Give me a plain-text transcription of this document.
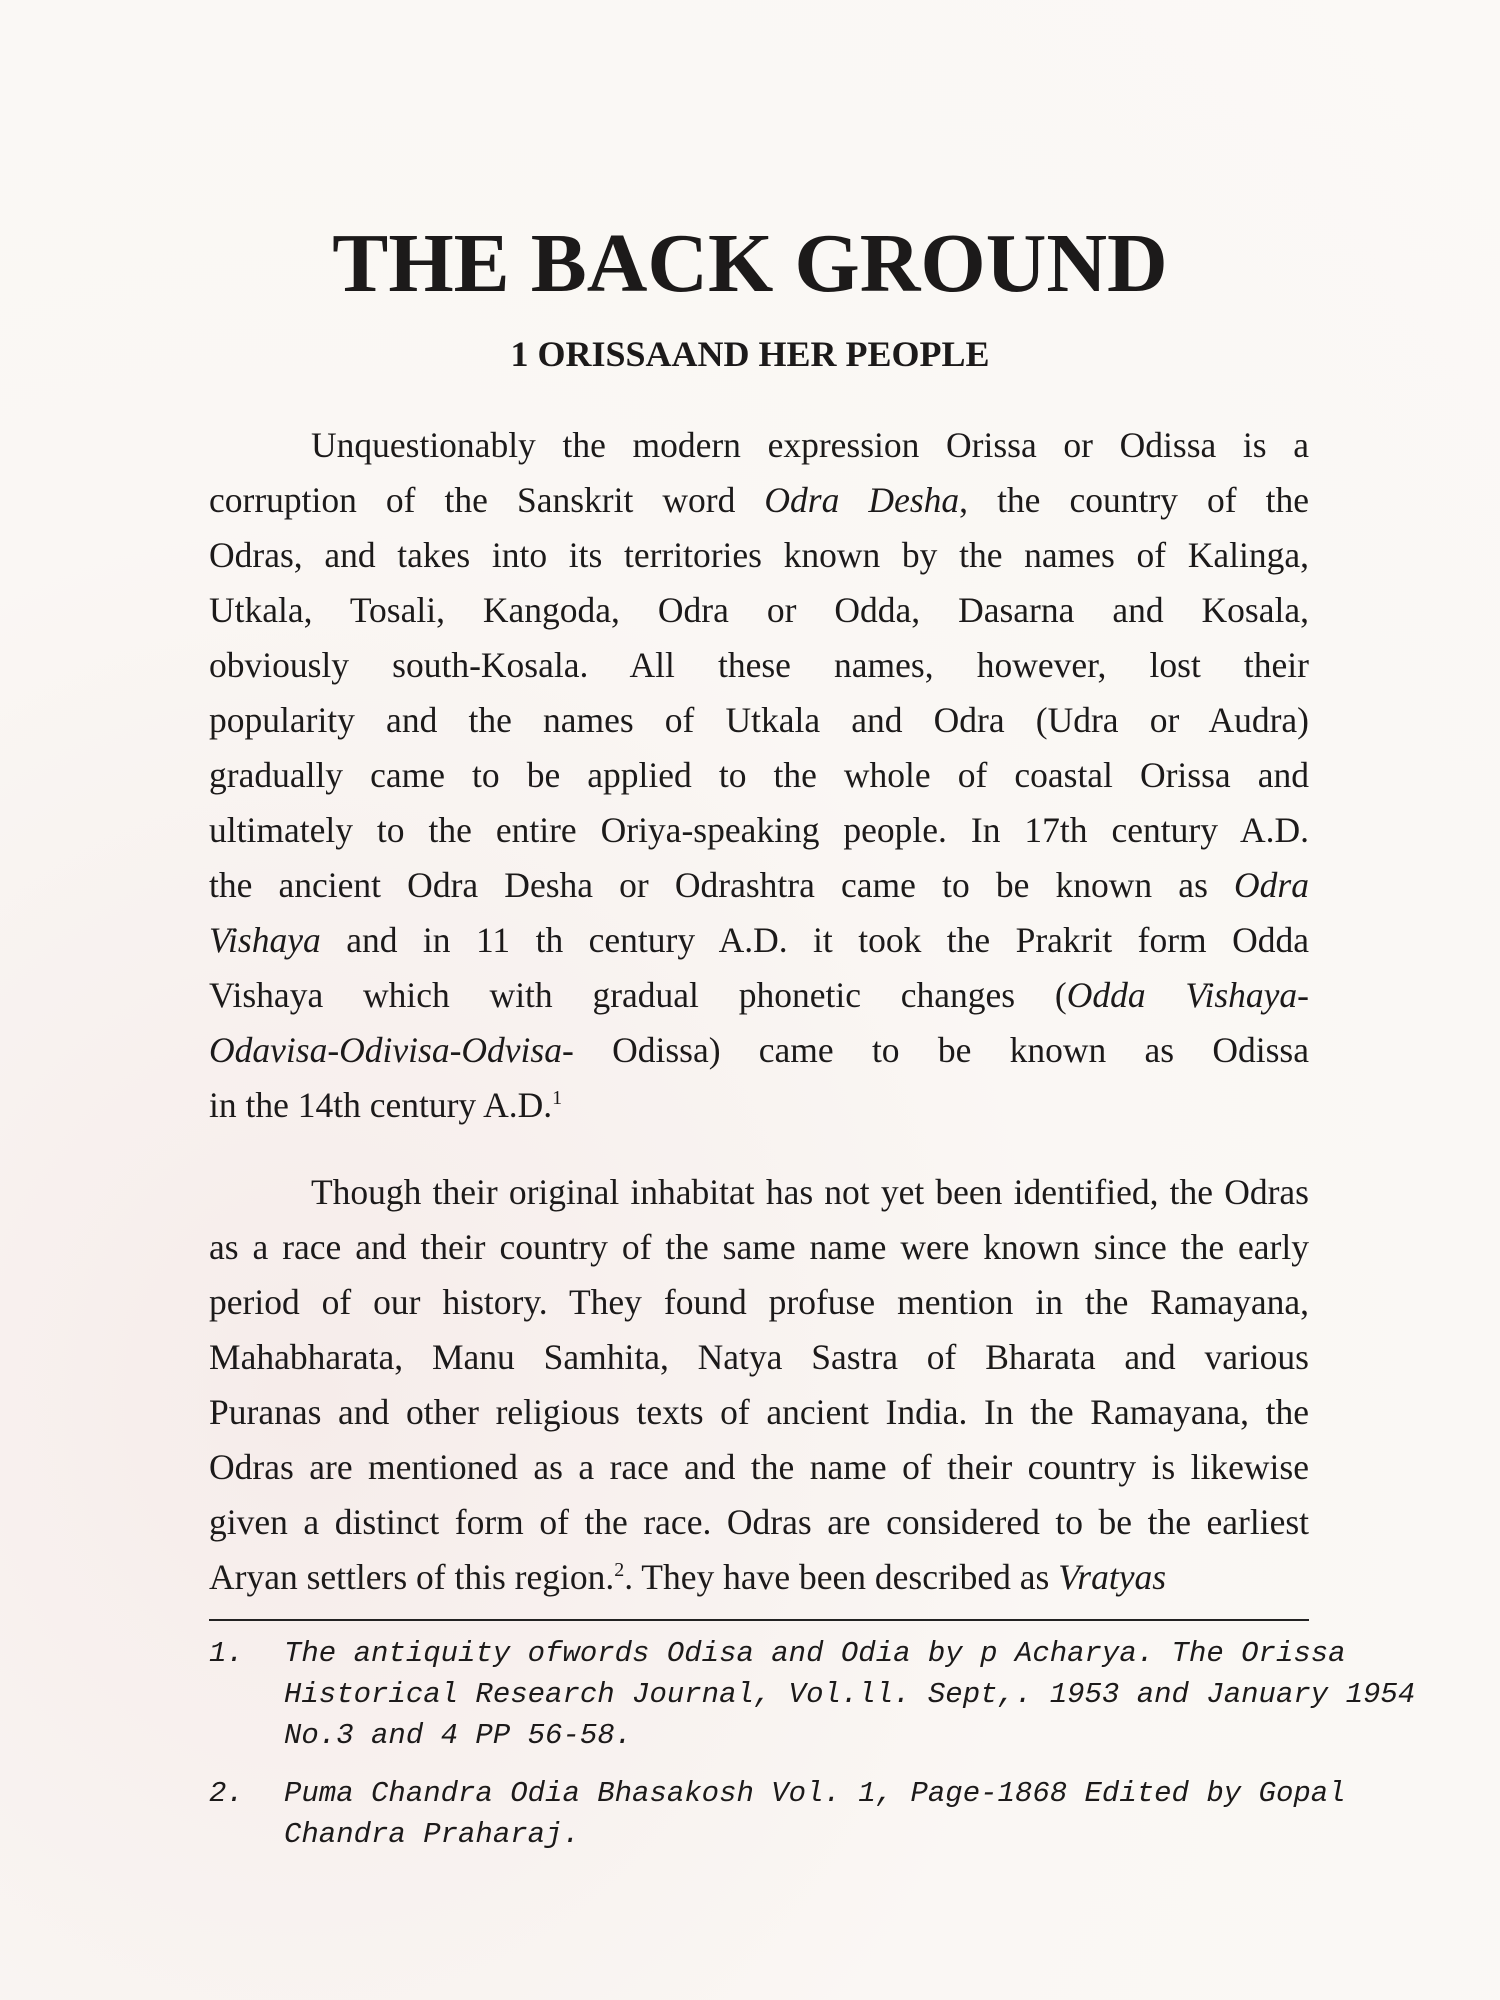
THE BACK GROUND
1 ORISSAAND HER PEOPLE

Unquestionably the modern expression Orissa or Odissa is a
corruption of the Sanskrit word Odra Desha, the country of the
Odras, and takes into its territories known by the names of Kalinga,
Utkala, Tosali, Kangoda, Odra or Odda, Dasarna and Kosala,
obviously south-Kosala. All these names, however, lost their
popularity and the names of Utkala and Odra (Udra or Audra)
gradually came to be applied to the whole of coastal Orissa and
ultimately to the entire Oriya-speaking people. In 17th century A.D.
the ancient Odra Desha or Odrashtra came to be known as Odra
Vishaya and in 11 th century A.D. it took the Prakrit form Odda
Vishaya which with gradual phonetic changes (Odda Vishaya-
Odavisa-Odivisa-Odvisa- Odissa) came to be known as Odissa
in the 14th century A.D.$^1$

Though their original inhabitat has not yet been identified, the Odras
as a race and their country of the same name were known since the early
period of our history. They found profuse mention in the Ramayana,
Mahabharata, Manu Samhita, Natya Sastra of Bharata and various
Puranas and other religious texts of ancient India. In the Ramayana, the
Odras are mentioned as a race and the name of their country is likewise
given a distinct form of the race. Odras are considered to be the earliest
Aryan settlers of this region.$^2$. They have been described as Vratyas

1. The antiquity ofwords Odisa and Odia by p Acharya. The Orissa
Historical Research Journal, Vol.ll. Sept,. 1953 and January 1954
No.3 and 4 PP 56-58.
2. Puma Chandra Odia Bhasakosh Vol. 1, Page-1868 Edited by Gopal
Chandra Praharaj.
